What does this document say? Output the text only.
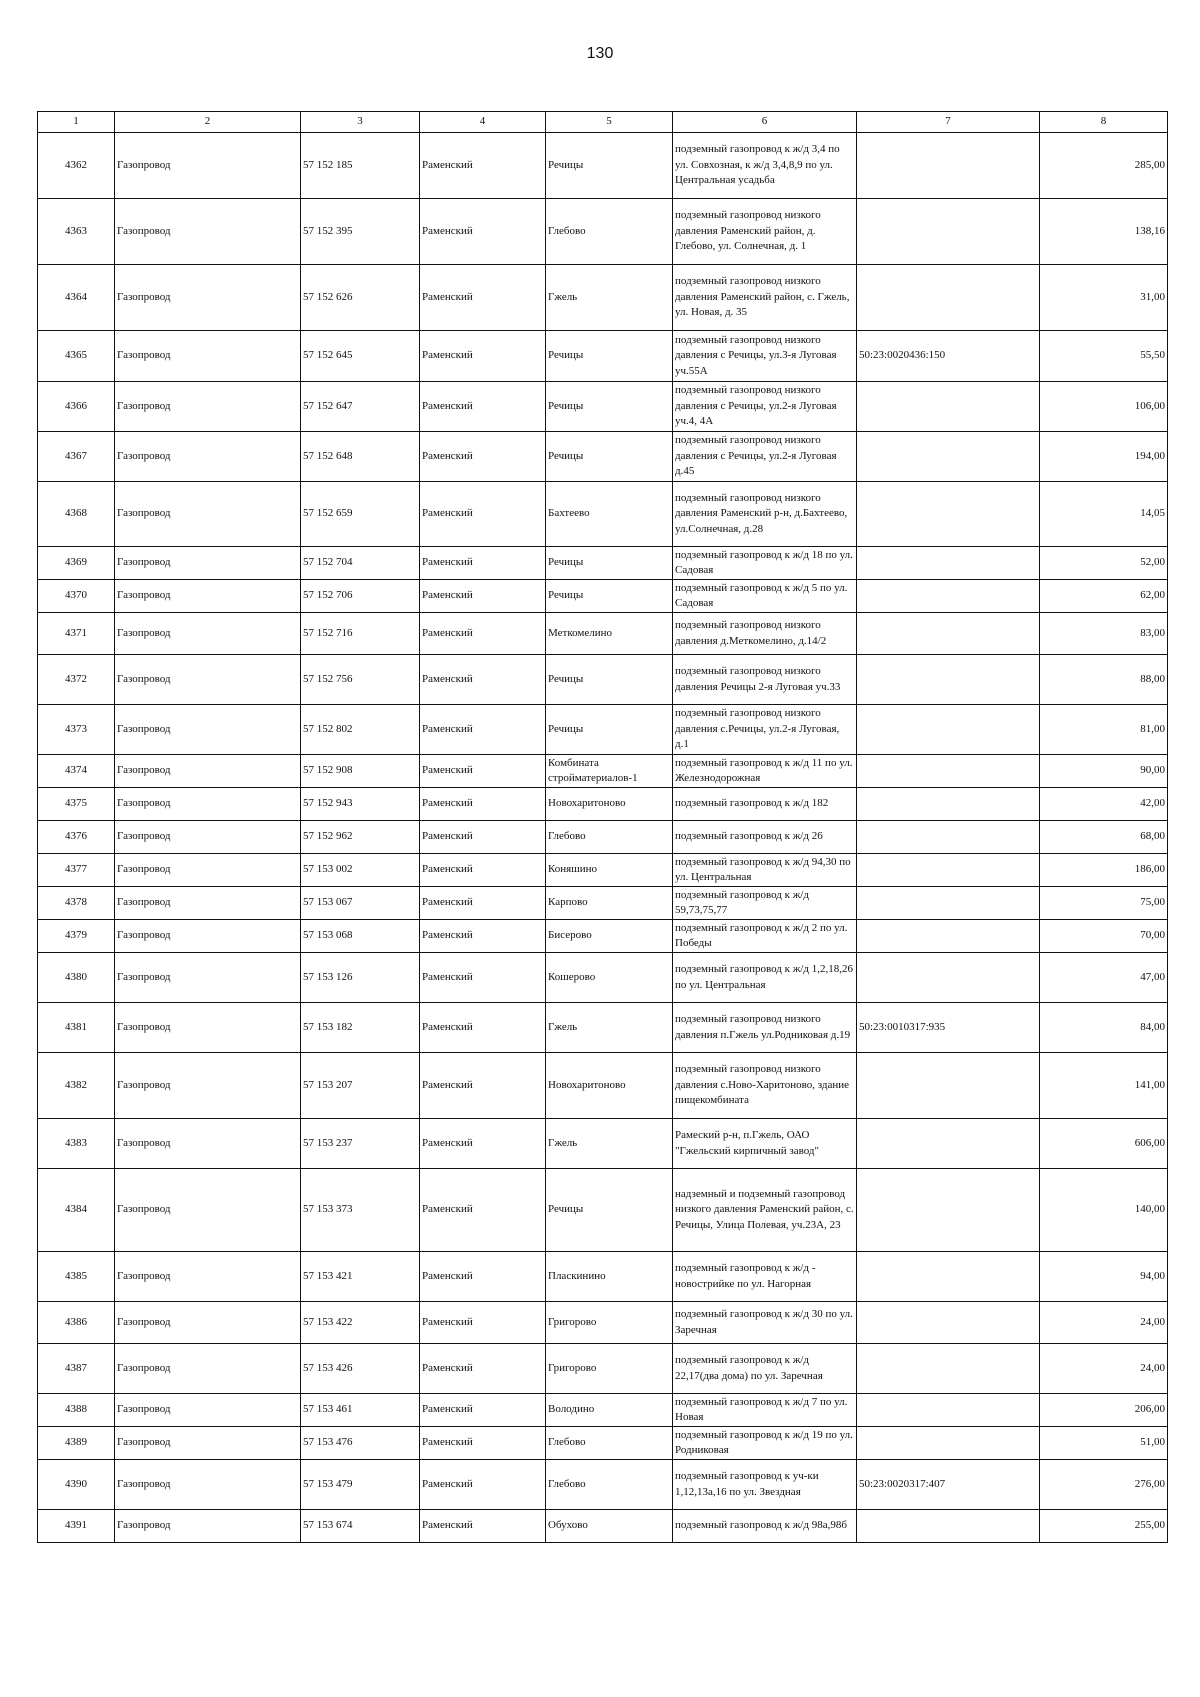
130
1	2	3	4	5	6	7	8
4362	Газопровод	57 152 185	Раменский	Речицы	подземный газопровод к ж/д 3,4 по ул. Совхозная, к ж/д 3,4,8,9 по ул. Центральная усадьба		285,00
4363	Газопровод	57 152 395	Раменский	Глебово	подземный газопровод низкого давления Раменский район, д. Глебово, ул. Солнечная, д. 1		138,16
4364	Газопровод	57 152 626	Раменский	Гжель	подземный газопровод низкого давления Раменский район, с. Гжель, ул. Новая, д. 35		31,00
4365	Газопровод	57 152 645	Раменский	Речицы	подземный газопровод низкого давления с Речицы, ул.3-я Луговая уч.55А	50:23:0020436:150	55,50
4366	Газопровод	57 152 647	Раменский	Речицы	подземный газопровод низкого давления с Речицы, ул.2-я Луговая уч.4, 4А		106,00
4367	Газопровод	57 152 648	Раменский	Речицы	подземный газопровод низкого давления с Речицы, ул.2-я Луговая д.45		194,00
4368	Газопровод	57 152 659	Раменский	Бахтеево	подземный газопровод низкого давления Раменский р-н, д.Бахтеево, ул.Солнечная, д.28		14,05
4369	Газопровод	57 152 704	Раменский	Речицы	подземный газопровод к ж/д 18 по ул. Садовая		52,00
4370	Газопровод	57 152 706	Раменский	Речицы	подземный газопровод к ж/д 5 по ул. Садовая		62,00
4371	Газопровод	57 152 716	Раменский	Меткомелино	подземный газопровод низкого давления д.Меткомелино, д.14/2		83,00
4372	Газопровод	57 152 756	Раменский	Речицы	подземный газопровод низкого давления Речицы 2-я Луговая уч.33		88,00
4373	Газопровод	57 152 802	Раменский	Речицы	подземный газопровод низкого давления с.Речицы, ул.2-я Луговая, д.1		81,00
4374	Газопровод	57 152 908	Раменский	Комбината стройматериалов-1	подземный газопровод к ж/д 11 по ул. Железнодорожная		90,00
4375	Газопровод	57 152 943	Раменский	Новохаритоново	подземный газопровод к ж/д 182		42,00
4376	Газопровод	57 152 962	Раменский	Глебово	подземный газопровод к ж/д 26		68,00
4377	Газопровод	57 153 002	Раменский	Коняшино	подземный газопровод к ж/д 94,30 по ул. Центральная		186,00
4378	Газопровод	57 153 067	Раменский	Карпово	подземный газопровод к ж/д 59,73,75,77		75,00
4379	Газопровод	57 153 068	Раменский	Бисерово	подземный газопровод к ж/д 2 по ул. Победы		70,00
4380	Газопровод	57 153 126	Раменский	Кошерово	подземный газопровод к ж/д 1,2,18,26 по ул. Центральная		47,00
4381	Газопровод	57 153 182	Раменский	Гжель	подземный газопровод низкого давления п.Гжель ул.Родниковая д.19	50:23:0010317:935	84,00
4382	Газопровод	57 153 207	Раменский	Новохаритоново	подземный газопровод низкого давления с.Ново-Харитоново, здание пищекомбината		141,00
4383	Газопровод	57 153 237	Раменский	Гжель	Рамеский р-н, п.Гжель, ОАО "Гжельский кирпичный завод"		606,00
4384	Газопровод	57 153 373	Раменский	Речицы	надземный и подземный газопровод низкого давления Раменский район, с. Речицы, Улица Полевая, уч.23А, 23		140,00
4385	Газопровод	57 153 421	Раменский	Пласкинино	подземный газопровод к ж/д - новострийке по ул. Нагорная		94,00
4386	Газопровод	57 153 422	Раменский	Григорово	подземный газопровод к ж/д 30 по ул. Заречная		24,00
4387	Газопровод	57 153 426	Раменский	Григорово	подземный газопровод к ж/д 22,17(два дома) по ул. Заречная		24,00
4388	Газопровод	57 153 461	Раменский	Володино	подземный газопровод к ж/д 7 по ул. Новая		206,00
4389	Газопровод	57 153 476	Раменский	Глебово	подземный газопровод к ж/д 19 по ул. Родниковая		51,00
4390	Газопровод	57 153 479	Раменский	Глебово	подземный газопровод к уч-ки 1,12,13а,16 по ул. Звездная	50:23:0020317:407	276,00
4391	Газопровод	57 153 674	Раменский	Обухово	подземный газопровод к ж/д 98а,98б		255,00
